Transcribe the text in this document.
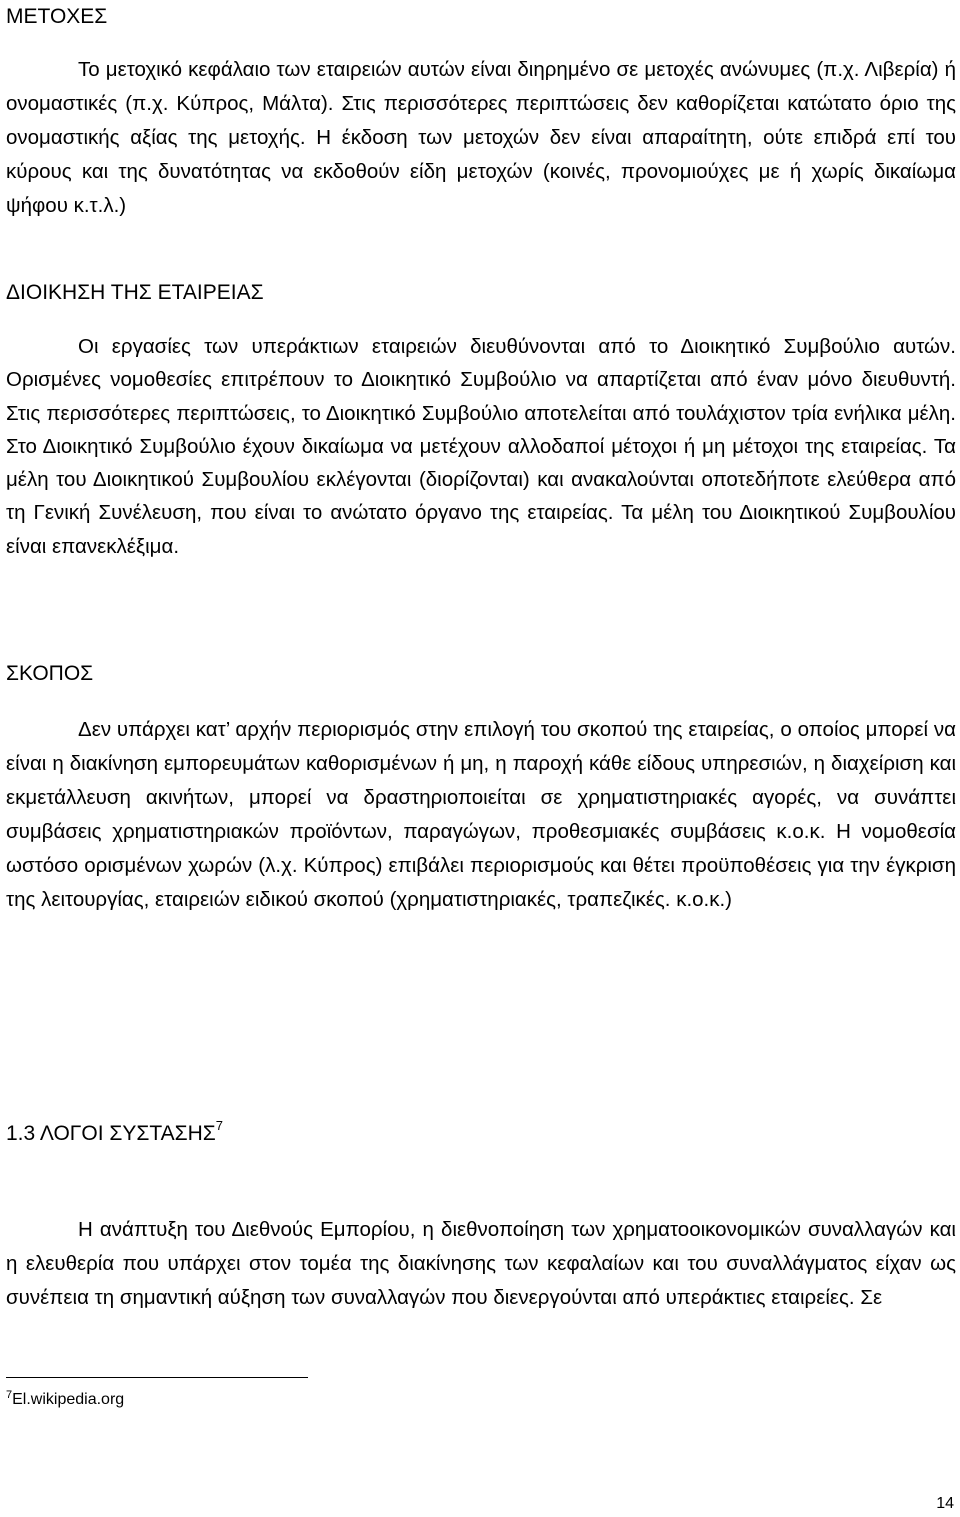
ΜΕΤΟΧΕΣ

Το μετοχικό κεφάλαιο των εταιρειών αυτών είναι διηρημένο σε μετοχές ανώνυμες (π.χ. Λιβερία) ή ονομαστικές (π.χ. Κύπρος, Μάλτα). Στις περισσότερες περιπτώσεις δεν καθορίζεται κατώτατο όριο της ονομαστικής αξίας της μετοχής. Η έκδοση των μετοχών δεν είναι απαραίτητη, ούτε επιδρά επί του κύρους και της δυνατότητας να εκδοθούν είδη μετοχών (κοινές, προνομιούχες με ή χωρίς δικαίωμα ψήφου κ.τ.λ.)

ΔΙΟΙΚΗΣΗ ΤΗΣ ΕΤΑΙΡΕΙΑΣ

Οι εργασίες των υπεράκτιων εταιρειών διευθύνονται από το Διοικητικό Συμβούλιο αυτών. Ορισμένες νομοθεσίες επιτρέπουν το Διοικητικό Συμβούλιο να απαρτίζεται από έναν μόνο διευθυντή. Στις περισσότερες περιπτώσεις, το Διοικητικό Συμβούλιο αποτελείται από τουλάχιστον τρία ενήλικα μέλη. Στο Διοικητικό Συμβούλιο έχουν δικαίωμα να μετέχουν αλλοδαποί μέτοχοι ή μη μέτοχοι της εταιρείας. Τα μέλη του Διοικητικού Συμβουλίου εκλέγονται (διορίζονται) και ανακαλούνται οποτεδήποτε ελεύθερα από τη Γενική Συνέλευση, που είναι το ανώτατο όργανο της εταιρείας. Τα μέλη του Διοικητικού Συμβουλίου είναι επανεκλέξιμα.

ΣΚΟΠΟΣ

Δεν υπάρχει κατ’ αρχήν περιορισμός στην επιλογή του σκοπού της εταιρείας, ο οποίος μπορεί να είναι η διακίνηση εμπορευμάτων καθορισμένων ή μη, η παροχή κάθε είδους υπηρεσιών, η διαχείριση και εκμετάλλευση ακινήτων, μπορεί να δραστηριοποιείται σε χρηματιστηριακές αγορές, να συνάπτει συμβάσεις χρηματιστηριακών προϊόντων, παραγώγων, προθεσμιακές συμβάσεις κ.ο.κ. Η νομοθεσία ωστόσο ορισμένων χωρών (λ.χ. Κύπρος) επιβάλει περιορισμούς και θέτει προϋποθέσεις για την έγκριση της λειτουργίας, εταιρειών ειδικού σκοπού (χρηματιστηριακές, τραπεζικές. κ.ο.κ.)

1.3 ΛΟΓΟΙ ΣΥΣΤΑΣΗΣ$^7$

Η ανάπτυξη του Διεθνούς Εμπορίου, η διεθνοποίηση των χρηματοοικονομικών συναλλαγών και η ελευθερία που υπάρχει στον τομέα της διακίνησης των κεφαλαίων και του συναλλάγματος είχαν ως συνέπεια τη σημαντική αύξηση των συναλλαγών που διενεργούνται από υπεράκτιες εταιρείες. Σε

$^7$El.wikipedia.org
14
